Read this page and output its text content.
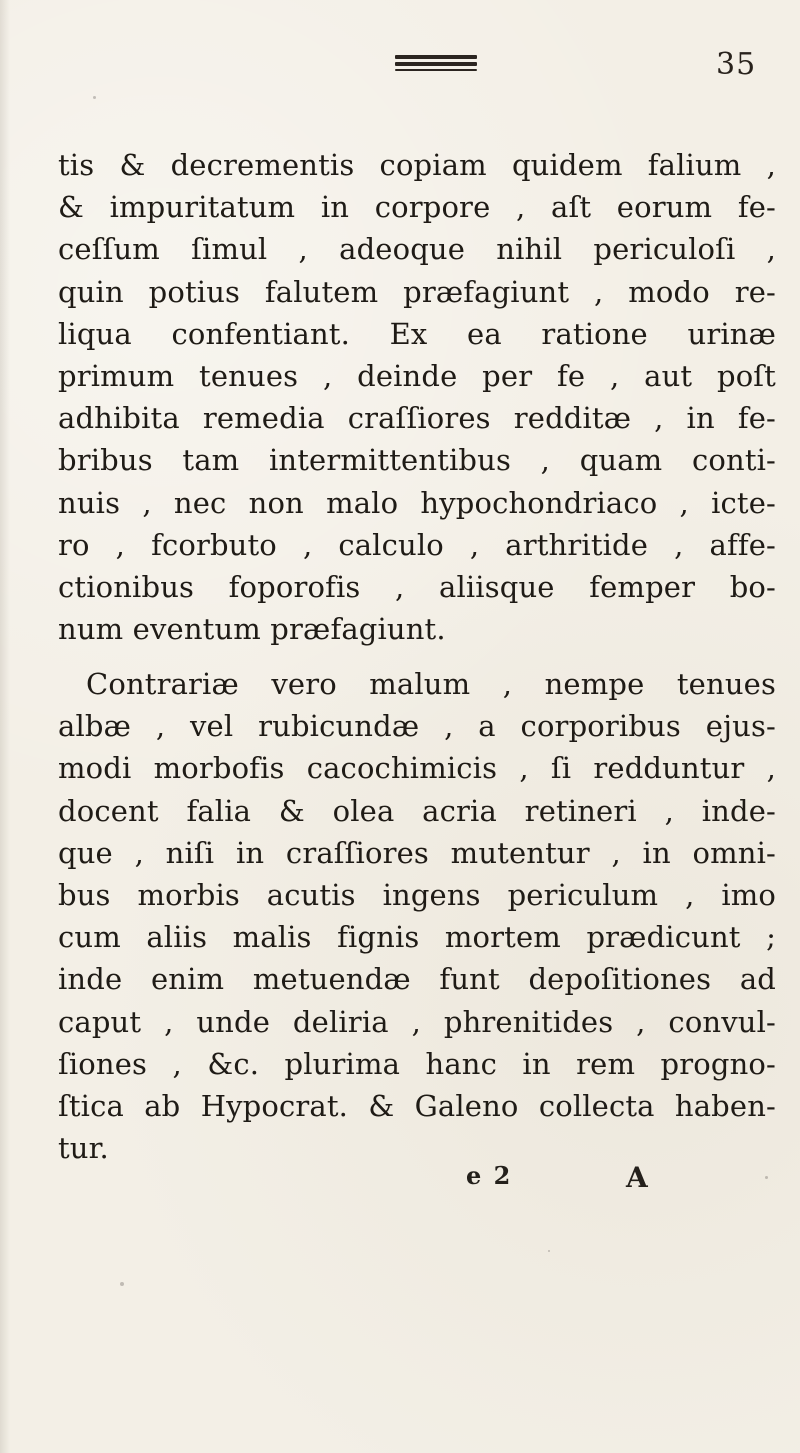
35
tis & decrementis copiam quidem falium ,
& impuritatum in corpore , aſt eorum fe-
ceſſum ſimul , adeoque nihil periculoſi ,
quin potius falutem præfagiunt , modo re-
liqua confentiant. Ex ea ratione urinæ
primum tenues , deinde per fe , aut poſt
adhibita remedia craſſiores redditæ , in fe-
bribus tam intermittentibus , quam conti-
nuis , nec non malo hypochondriaco , icte-
ro , fcorbuto , calculo , arthritide , affe-
ctionibus foporofis , aliisque femper bo-
num eventum præfagiunt.
Contrariæ vero malum , nempe tenues
albæ , vel rubicundæ , a corporibus ejus-
modi morbofis cacochimicis , ſi redduntur ,
docent falia & olea acria retineri , inde-
que , niſi in craſſiores mutentur , in omni-
bus morbis acutis ingens periculum , imo
cum aliis malis fignis mortem prædicunt ;
inde enim metuendæ funt depoſitiones ad
caput , unde deliria , phrenitides , convul-
ſiones , &c. plurima hanc in rem progno-
ſtica ab Hypocrat. & Galeno collecta haben-
tur.
e 2	A
